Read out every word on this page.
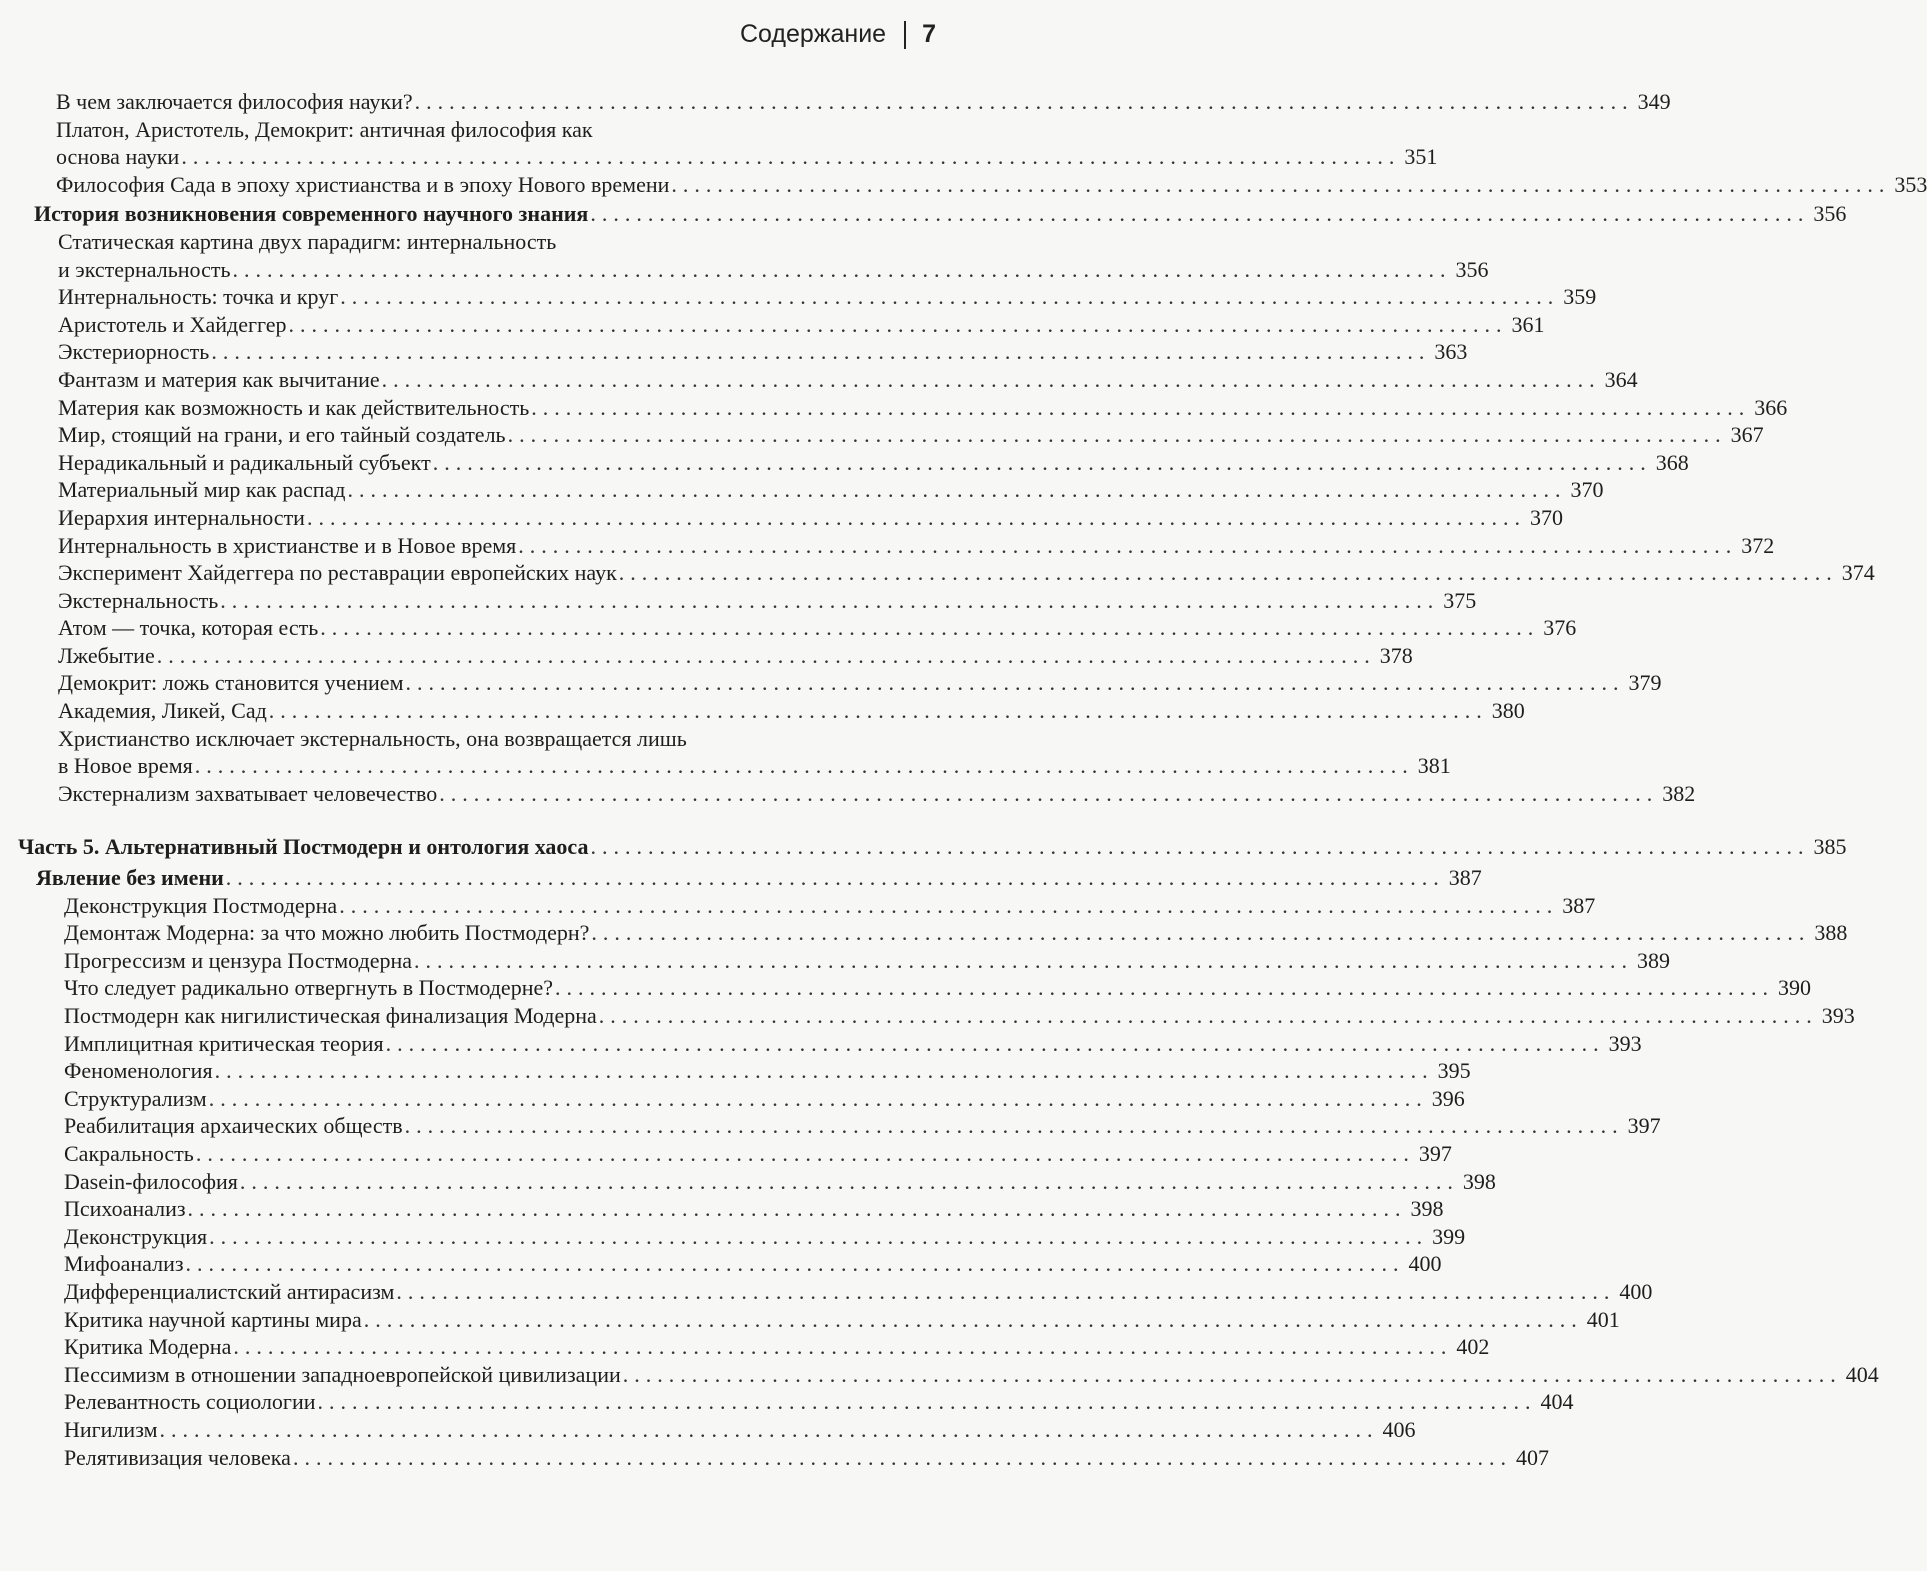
Содержание 7
В чем заключается философия науки? .......................................................................................................... 349
Платон, Аристотель, Демокрит: античная философия как
основа науки .......................................................................................................... 351
Философия Сада в эпоху христианства и в эпоху Нового времени .......................................................................................................... 353
История возникновения современного научного знания .......................................................................................................... 356
Статическая картина двух парадигм: интернальность
и экстернальность .......................................................................................................... 356
Интернальность: точка и круг .......................................................................................................... 359
Аристотель и Хайдеггер .......................................................................................................... 361
Экстериорность .......................................................................................................... 363
Фантазм и материя как вычитание .......................................................................................................... 364
Материя как возможность и как действительность .......................................................................................................... 366
Мир, стоящий на грани, и его тайный создатель .......................................................................................................... 367
Нерадикальный и радикальный субъект .......................................................................................................... 368
Материальный мир как распад .......................................................................................................... 370
Иерархия интернальности .......................................................................................................... 370
Интернальность в христианстве и в Новое время .......................................................................................................... 372
Эксперимент Хайдеггера по реставрации европейских наук .......................................................................................................... 374
Экстернальность .......................................................................................................... 375
Атом — точка, которая есть .......................................................................................................... 376
Лжебытие .......................................................................................................... 378
Демокрит: ложь становится учением .......................................................................................................... 379
Академия, Ликей, Сад .......................................................................................................... 380
Христианство исключает экстернальность, она возвращается лишь
в Новое время .......................................................................................................... 381
Экстернализм захватывает человечество .......................................................................................................... 382
Часть 5. Альтернативный Постмодерн и онтология хаоса .......................................................................................................... 385
Явление без имени .......................................................................................................... 387
Деконструкция Постмодерна .......................................................................................................... 387
Демонтаж Модерна: за что можно любить Постмодерн? .......................................................................................................... 388
Прогрессизм и цензура Постмодерна .......................................................................................................... 389
Что следует радикально отвергнуть в Постмодерне? .......................................................................................................... 390
Постмодерн как нигилистическая финализация Модерна .......................................................................................................... 393
Имплицитная критическая теория .......................................................................................................... 393
Феноменология .......................................................................................................... 395
Структурализм .......................................................................................................... 396
Реабилитация архаических обществ .......................................................................................................... 397
Сакральность .......................................................................................................... 397
Dasein-философия .......................................................................................................... 398
Психоанализ .......................................................................................................... 398
Деконструкция .......................................................................................................... 399
Мифоанализ .......................................................................................................... 400
Дифференциалистский антирасизм .......................................................................................................... 400
Критика научной картины мира .......................................................................................................... 401
Критика Модерна .......................................................................................................... 402
Пессимизм в отношении западноевропейской цивилизации .......................................................................................................... 404
Релевантность социологии .......................................................................................................... 404
Нигилизм .......................................................................................................... 406
Релятивизация человека .......................................................................................................... 407
